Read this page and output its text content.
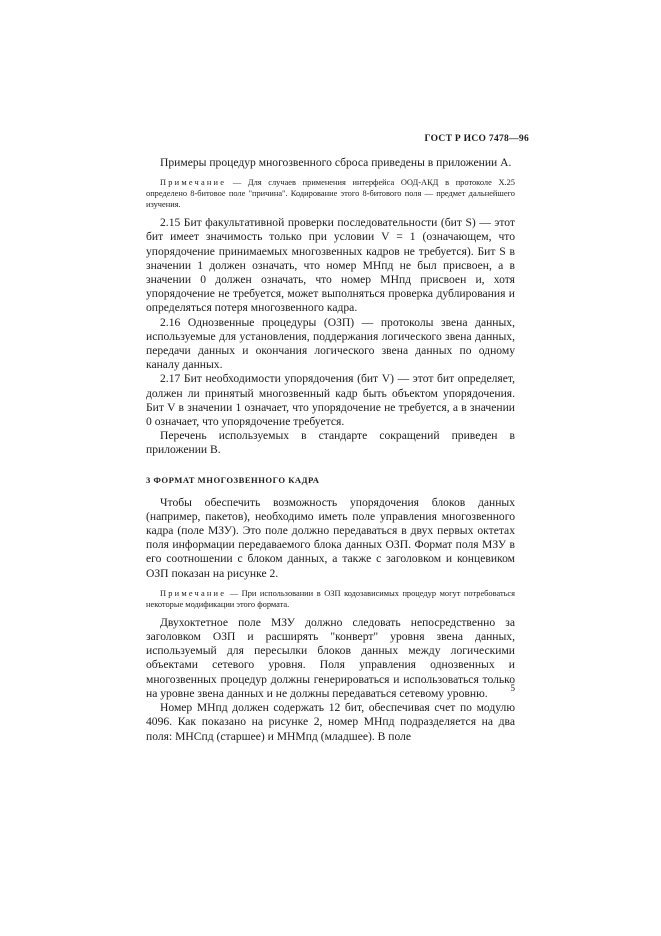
ГОСТ Р ИСО 7478—96

Примеры процедур многозвенного сброса приведены в приложении А.

Примечание — Для случаев применения интерфейса ООД-АКД в протоколе X.25 определено 8-битовое поле "причина". Кодирование этого 8-битового поля — предмет дальнейшего изучения.

2.15 Бит факультативной проверки последовательности (бит S) — этот бит имеет значимость только при условии V = 1 (означающем, что упорядочение принимаемых многозвенных кадров не требуется). Бит S в значении 1 должен означать, что номер МНпд не был присвоен, а в значении 0 должен означать, что номер МНпд присвоен и, хотя упорядочение не требуется, может выполняться проверка дублирования и определяться потеря многозвенного кадра.

2.16 Однозвенные процедуры (ОЗП) — протоколы звена данных, используемые для установления, поддержания логического звена данных, передачи данных и окончания логического звена данных по одному каналу данных.

2.17 Бит необходимости упорядочения (бит V) — этот бит определяет, должен ли принятый многозвенный кадр быть объектом упорядочения. Бит V в значении 1 означает, что упорядочение не требуется, а в значении 0 означает, что упорядочение требуется.

Перечень используемых в стандарте сокращений приведен в приложении В.

3 ФОРМАТ МНОГОЗВЕННОГО КАДРА

Чтобы обеспечить возможность упорядочения блоков данных (например, пакетов), необходимо иметь поле управления многозвенного кадра (поле МЗУ). Это поле должно передаваться в двух первых октетах поля информации передаваемого блока данных ОЗП. Формат поля МЗУ в его соотношении с блоком данных, а также с заголовком и концевиком ОЗП показан на рисунке 2.

Примечание — При использовании в ОЗП кодозависимых процедур могут потребоваться некоторые модификации этого формата.

Двухоктетное поле МЗУ должно следовать непосредственно за заголовком ОЗП и расширять "конверт" уровня звена данных, используемый для пересылки блоков данных между логическими объектами сетевого уровня. Поля управления однозвенных и многозвенных процедур должны генерироваться и использоваться только на уровне звена данных и не должны передаваться сетевому уровню.

Номер МНпд должен содержать 12 бит, обеспечивая счет по модулю 4096. Как показано на рисунке 2, номер МНпд подразделяется на два поля: МНСпд (старшее) и МНМпд (младшее). В поле

5
